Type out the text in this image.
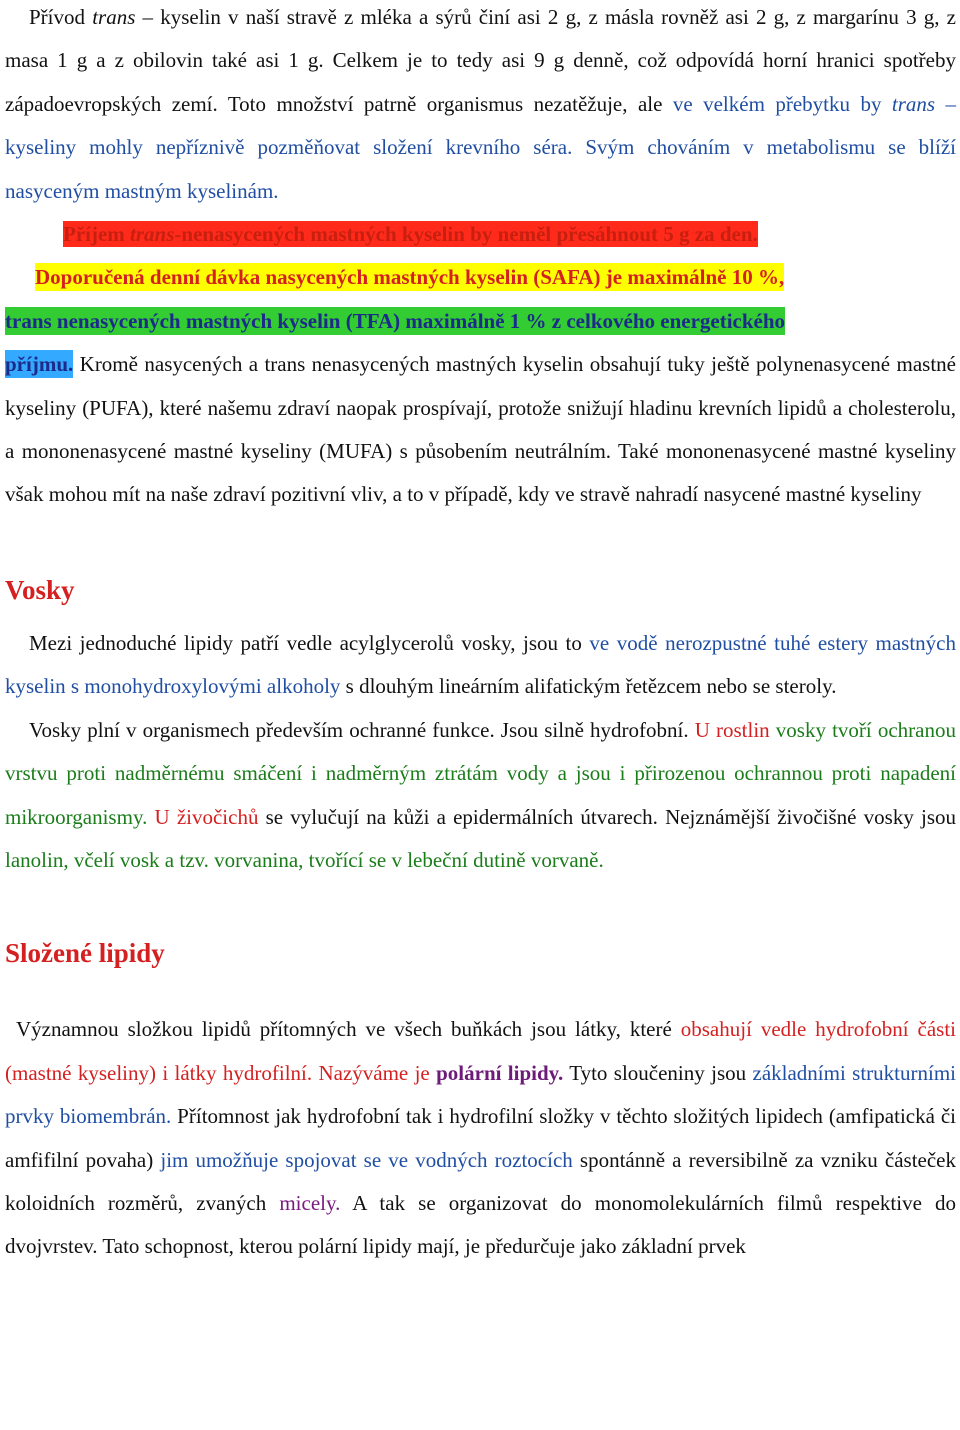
Přívod trans – kyselin v naší stravě z mléka a sýrů činí asi 2 g, z másla rovněž asi 2 g, z margarínu 3 g, z masa 1 g a z obilovin také asi 1 g. Celkem je to tedy asi 9 g denně, což odpovídá horní hranici spotřeby západoevropských zemí. Toto množství patrně organismus nezatěžuje, ale ve velkém přebytku by trans – kyseliny mohly nepříznivě pozměňovat složení krevního séra. Svým chováním v metabolismu se blíží nasyceným mastným kyselinám.
Příjem trans-nenasycených mastných kyselin by neměl přesáhnout 5 g za den.
Doporučená denní dávka nasycených mastných kyselin (SAFA) je maximálně 10 %,
trans nenasycených mastných kyselin (TFA) maximálně 1 % z celkového energetického
příjmu. Kromě nasycených a trans nenasycených mastných kyselin obsahují tuky ještě polynenasycené mastné kyseliny (PUFA), které našemu zdraví naopak prospívají, protože snižují hladinu krevních lipidů a cholesterolu, a mononenasycené mastné kyseliny (MUFA) s působením neutrálním. Také mononenasycené mastné kyseliny však mohou mít na naše zdraví pozitivní vliv, a to v případě, kdy ve stravě nahradí nasycené mastné kyseliny

Vosky

Mezi jednoduché lipidy patří vedle acylglycerolů vosky, jsou to ve vodě nerozpustné tuhé estery mastných kyselin s monohydroxylovými alkoholy s dlouhým lineárním alifatickým řetězcem nebo se steroly.

Vosky plní v organismech především ochranné funkce. Jsou silně hydrofobní. U rostlin vosky tvoří ochranou vrstvu proti nadměrnému smáčení i nadměrným ztrátám vody a jsou i přirozenou ochrannou proti napadení mikroorganismy. U živočichů se vylučují na kůži a epidermálních útvarech. Nejznámější živočišné vosky jsou lanolin, včelí vosk a tzv. vorvanina, tvořící se v lebeční dutině vorvaně.

Složené lipidy

Významnou složkou lipidů přítomných ve všech buňkách jsou látky, které obsahují vedle hydrofobní části (mastné kyseliny) i látky hydrofilní. Nazýváme je polární lipidy. Tyto sloučeniny jsou základními strukturními prvky biomembrán. Přítomnost jak hydrofobní tak i hydrofilní složky v těchto složitých lipidech (amfipatická či amfifilní povaha) jim umožňuje spojovat se ve vodných roztocích spontánně a reversibilně za vzniku částeček koloidních rozměrů, zvaných micely. A tak se organizovat do monomolekulárních filmů respektive do dvojvrstev. Tato schopnost, kterou polární lipidy mají, je předurčuje jako základní prvek
